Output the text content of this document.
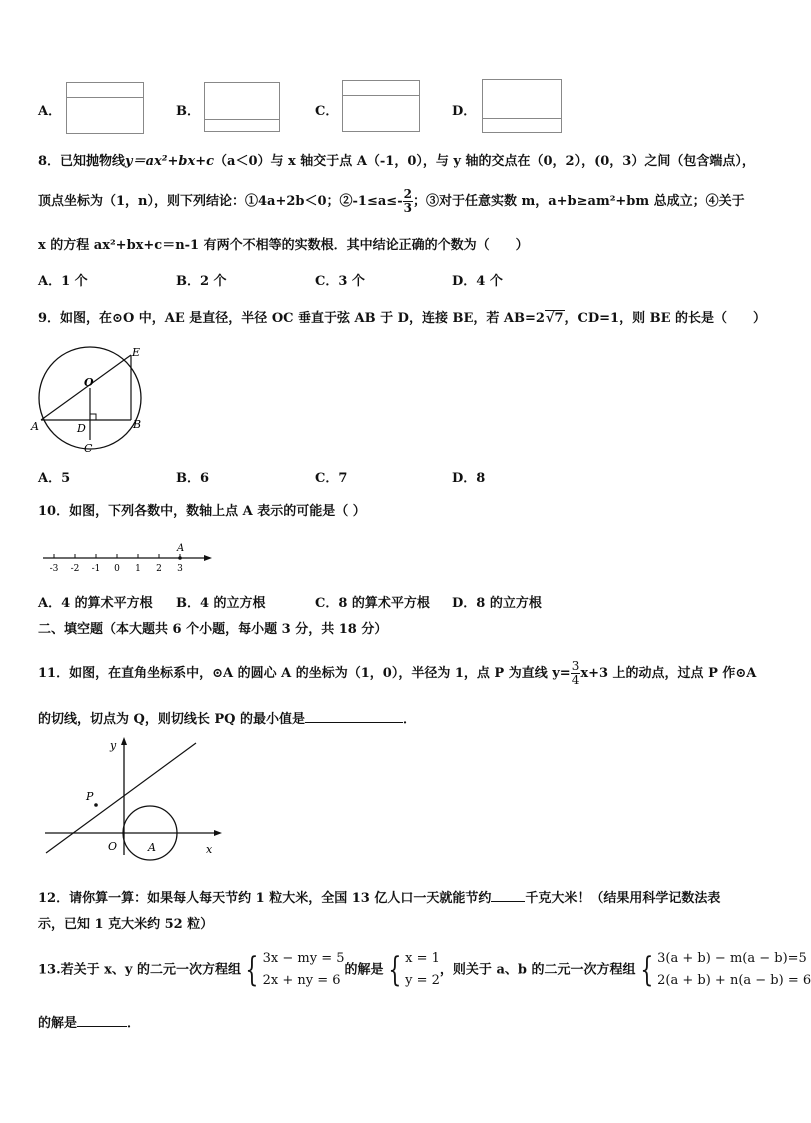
A．	B．	C．	D．
8．已知抛物线y＝ax²+bx+c（a＜0）与 x 轴交于点 A（-1，0），与 y 轴的交点在（0，2），(0，3）之间（包含端点），
顶点坐标为（1，n），则下列结论：①4a+2b＜0；②-1≤a≤- $\frac{2}{3}$ ；③对于任意实数 m，a+b≥am²+bm 总成立；④关于
x 的方程 ax²+bx+c＝n-1 有两个不相等的实数根．其中结论正确的个数为（　　）
A．1 个	B．2 个	C．3 个	D．4 个
9．如图，在⊙O 中，AE 是直径，半径 OC 垂直于弦 AB 于 D，连接 BE，若 AB=2√7，CD=1，则 BE 的长是（　　）
E
O
A	D	B
C
A．5	B．6	C．7	D．8
10．如图，下列各数中，数轴上点 A 表示的可能是（ ）
-3 -2 -1 0 1 2 3
A
A．4 的算术平方根 B．4 的立方根	C．8 的算术平方根 D．8 的立方根
二、填空题（本大题共 6 个小题，每小题 3 分，共 18 分）
11．如图，在直角坐标系中，⊙A 的圆心 A 的坐标为（1，0），半径为 1，点 P 为直线 $y= \frac{3}{4} x+3$ 上的动点，过点 P 作⊙A
的切线，切点为 Q，则切线长 PQ 的最小值是	．
y
P
O	A	x
12．请你算一算：如果每人每天节约 1 粒大米，全国 13 亿人口一天就能节约	千克大米！（结果用科学记数法表
示，已知 1 克大米约 52 粒）
13.若关于 x、y 的二元一次方程组 { 3x − my = 5
2x + ny = 6
的解是 { x = 1
y = 2
，则关于 a、b 的二元一次方程组 { 3(a + b) − m(a − b)=5
2(a + b) + n(a − b) = 6
的解是	．
